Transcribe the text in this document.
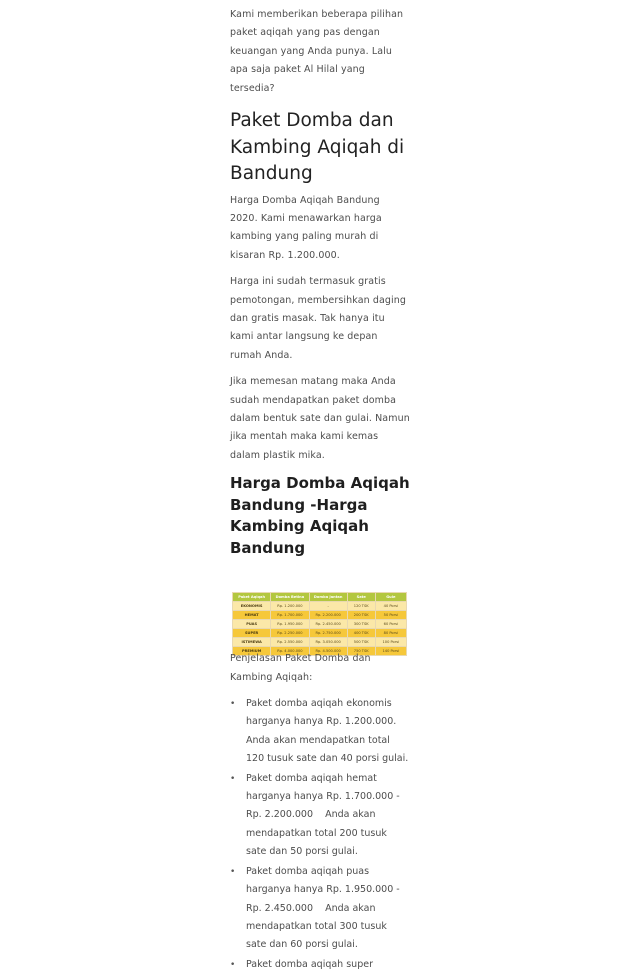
Kami memberikan beberapa pilihan paket aqiqah yang pas dengan keuangan yang Anda punya. Lalu apa saja paket Al Hilal yang tersedia?

Paket Domba dan Kambing Aqiqah di Bandung

Harga Domba Aqiqah Bandung 2020. Kami menawarkan harga kambing yang paling murah di kisaran Rp. 1.200.000.

Harga ini sudah termasuk gratis pemotongan, membersihkan daging dan gratis masak. Tak hanya itu kami antar langsung ke depan rumah Anda.

Jika memesan matang maka Anda sudah mendapatkan paket domba dalam bentuk sate dan gulai. Namun jika mentah maka kami kemas dalam plastik mika.

Harga Domba Aqiqah Bandung -Harga Kambing Aqiqah Bandung
Paket Aqiqah	Domba Betina	Domba Jantan	Sate	Gule
EKONOMIS	Rp. 1.200.000	-	120 TSK	40 Porsi
HEMAT	Rp. 1.700.000	Rp. 2.200.000	200 TSK	50 Porsi
PUAS	Rp. 1.950.000	Rp. 2.450.000	300 TSK	60 Porsi
SUPER	Rp. 2.250.000	Rp. 2.750.000	400 TSK	80 Porsi
ISTIMEWA	Rp. 2.550.000	Rp. 3.050.000	500 TSK	100 Porsi
PREMIUM	Rp. 4.000.000	Rp. 4.500.000	750 TSK	140 Porsi

Penjelasan Paket Domba dan Kambing Aqiqah:

• Paket domba aqiqah ekonomis harganya hanya Rp. 1.200.000. Anda akan mendapatkan total 120 tusuk sate dan 40 porsi gulai.
• Paket domba aqiqah hemat harganya hanya Rp. 1.700.000 - Rp. 2.200.000    Anda akan mendapatkan total 200 tusuk sate dan 50 porsi gulai.
• Paket domba aqiqah puas harganya hanya Rp. 1.950.000 - Rp. 2.450.000    Anda akan mendapatkan total 300 tusuk sate dan 60 porsi gulai.
• Paket domba aqiqah super
